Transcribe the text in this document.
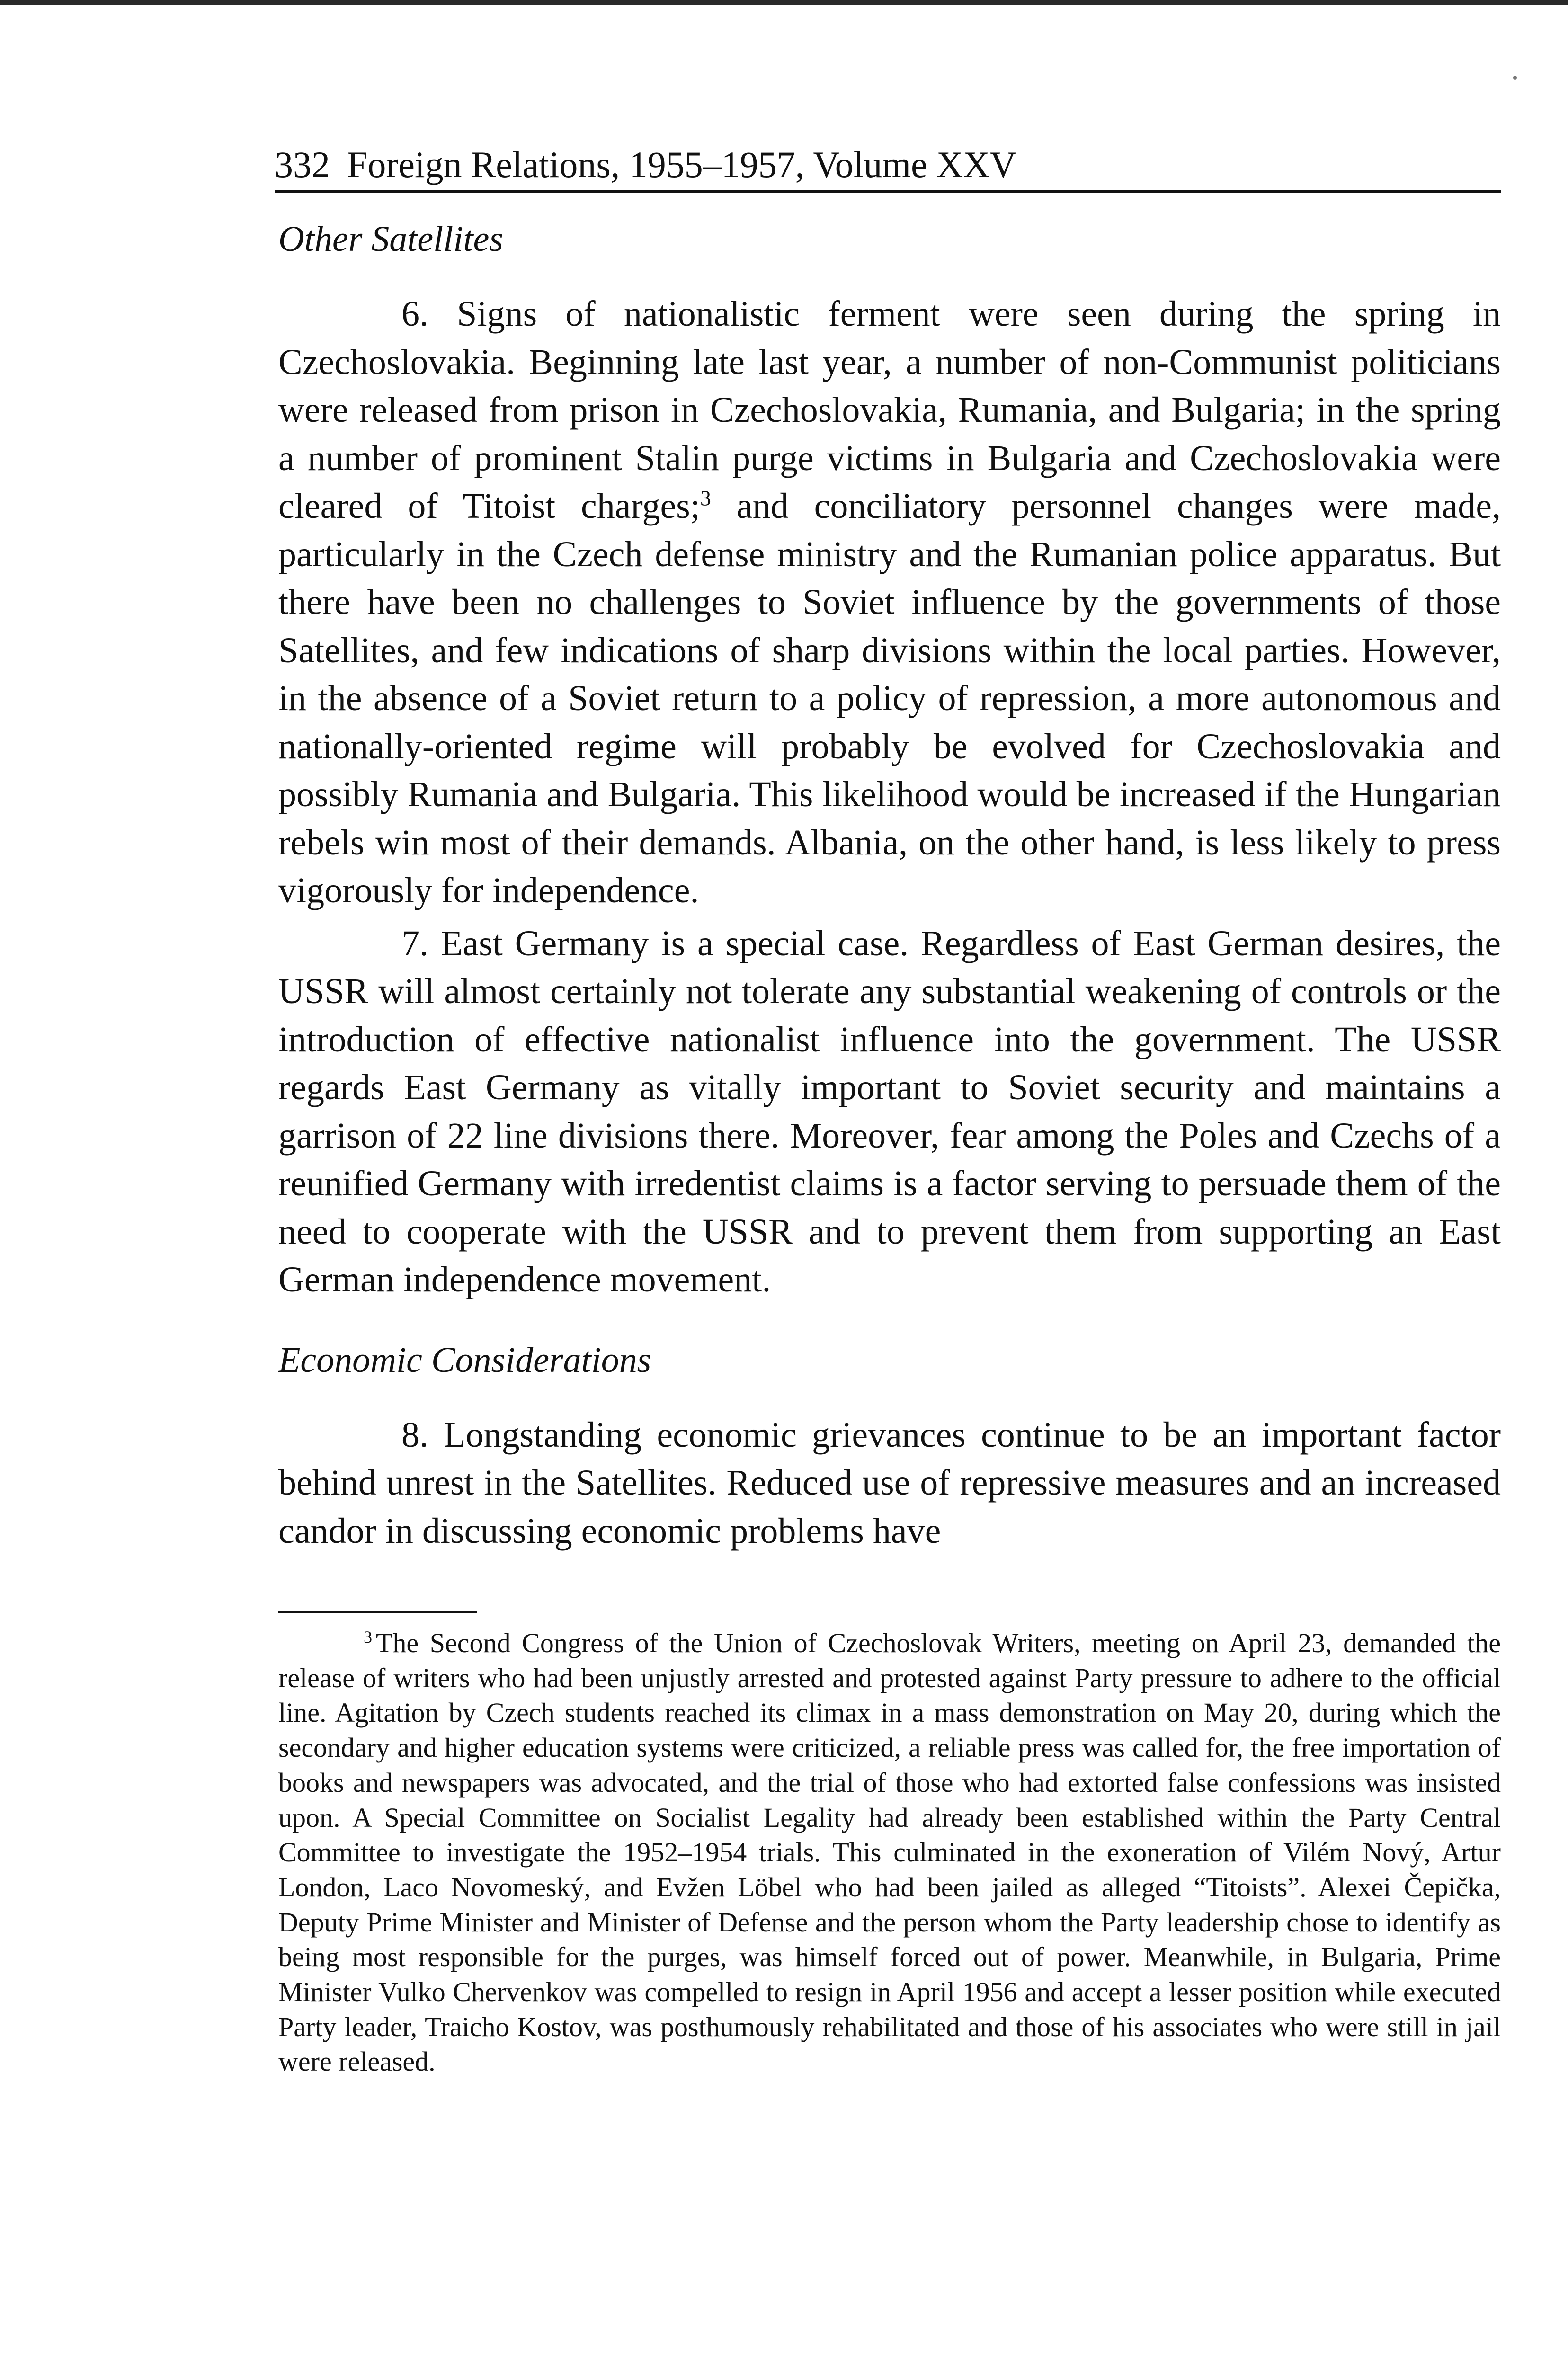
332 Foreign Relations, 1955–1957, Volume XXV
Other Satellites

6. Signs of nationalistic ferment were seen during the spring in Czechoslovakia. Beginning late last year, a number of non-Communist politicians were released from prison in Czechoslovakia, Rumania, and Bulgaria; in the spring a number of prominent Stalin purge victims in Bulgaria and Czechoslovakia were cleared of Titoist charges;$^3$ and conciliatory personnel changes were made, particularly in the Czech defense ministry and the Rumanian police apparatus. But there have been no challenges to Soviet influence by the governments of those Satellites, and few indications of sharp divisions within the local parties. However, in the absence of a Soviet return to a policy of repression, a more autonomous and nationally-oriented regime will probably be evolved for Czechoslovakia and possibly Rumania and Bulgaria. This likelihood would be increased if the Hungarian rebels win most of their demands. Albania, on the other hand, is less likely to press vigorously for independence.

7. East Germany is a special case. Regardless of East German desires, the USSR will almost certainly not tolerate any substantial weakening of controls or the introduction of effective nationalist influence into the government. The USSR regards East Germany as vitally important to Soviet security and maintains a garrison of 22 line divisions there. Moreover, fear among the Poles and Czechs of a reunified Germany with irredentist claims is a factor serving to persuade them of the need to cooperate with the USSR and to prevent them from supporting an East German independence movement.

Economic Considerations

8. Longstanding economic grievances continue to be an important factor behind unrest in the Satellites. Reduced use of repressive measures and an increased candor in discussing economic problems have

$^3$ The Second Congress of the Union of Czechoslovak Writers, meeting on April 23, demanded the release of writers who had been unjustly arrested and protested against Party pressure to adhere to the official line. Agitation by Czech students reached its climax in a mass demonstration on May 20, during which the secondary and higher education systems were criticized, a reliable press was called for, the free importation of books and newspapers was advocated, and the trial of those who had extorted false confessions was insisted upon. A Special Committee on Socialist Legality had already been established within the Party Central Committee to investigate the 1952–1954 trials. This culminated in the exoneration of Vilém Nový, Artur London, Laco Novomeský, and Evžen Löbel who had been jailed as alleged “Titoists”. Alexei Čepička, Deputy Prime Minister and Minister of Defense and the person whom the Party leadership chose to identify as being most responsible for the purges, was himself forced out of power. Meanwhile, in Bulgaria, Prime Minister Vulko Chervenkov was compelled to resign in April 1956 and accept a lesser position while executed Party leader, Traicho Kostov, was posthumously rehabilitated and those of his associates who were still in jail were released.
